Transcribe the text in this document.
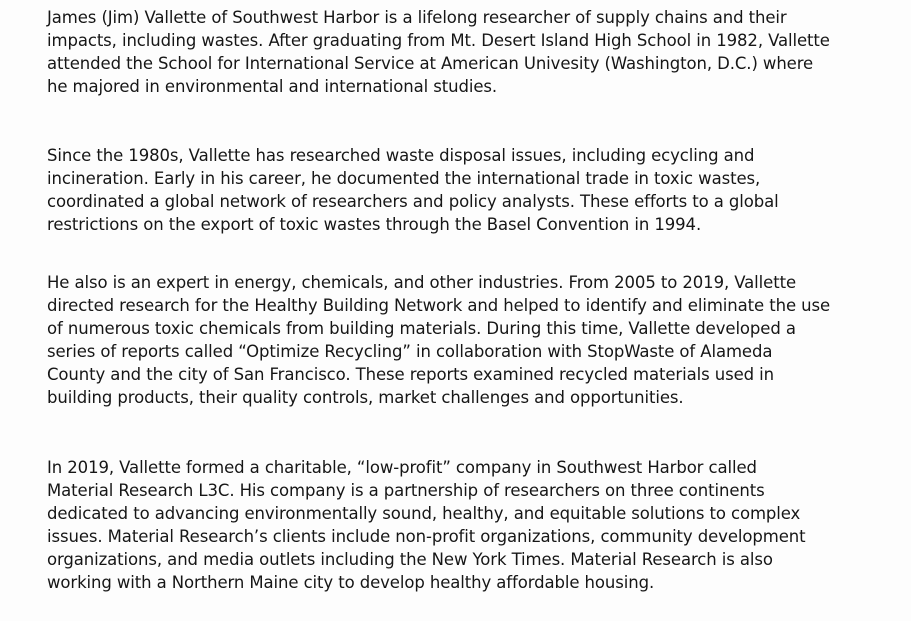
James (Jim) Vallette of Southwest Harbor is a lifelong researcher of supply chains and their
impacts, including wastes. After graduating from Mt. Desert Island High School in 1982, Vallette
attended the School for International Service at American Univesity (Washington, D.C.) where
he majored in environmental and international studies.

Since the 1980s, Vallette has researched waste disposal issues, including ecycling and
incineration. Early in his career, he documented the international trade in toxic wastes,
coordinated a global network of researchers and policy analysts. These efforts to a global
restrictions on the export of toxic wastes through the Basel Convention in 1994.

He also is an expert in energy, chemicals, and other industries. From 2005 to 2019, Vallette
directed research for the Healthy Building Network and helped to identify and eliminate the use
of numerous toxic chemicals from building materials. During this time, Vallette developed a
series of reports called “Optimize Recycling” in collaboration with StopWaste of Alameda
County and the city of San Francisco. These reports examined recycled materials used in
building products, their quality controls, market challenges and opportunities.

In 2019, Vallette formed a charitable, “low-profit” company in Southwest Harbor called
Material Research L3C. His company is a partnership of researchers on three continents
dedicated to advancing environmentally sound, healthy, and equitable solutions to complex
issues. Material Research’s clients include non-profit organizations, community development
organizations, and media outlets including the New York Times. Material Research is also
working with a Northern Maine city to develop healthy affordable housing.
